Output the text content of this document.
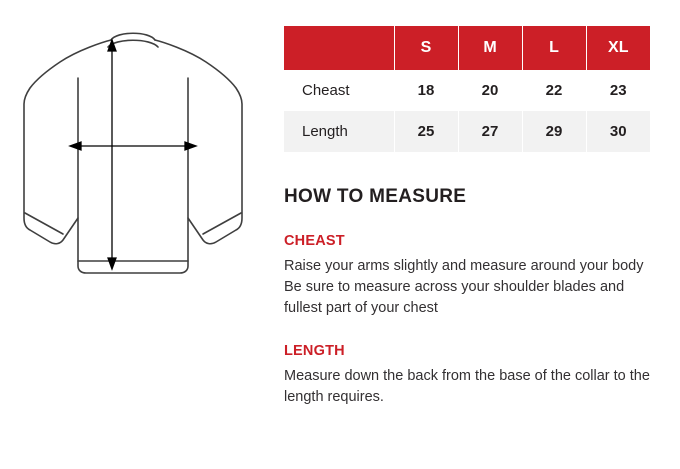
	S	M	L	XL
Cheast	18	20	22	23
Length	25	27	29	30
HOW TO MEASURE
CHEAST

Raise your arms slightly and measure around your body Be sure to measure across your shoulder blades and fullest part of your chest

LENGTH

Measure down the back from the base of the collar to the length requires.
